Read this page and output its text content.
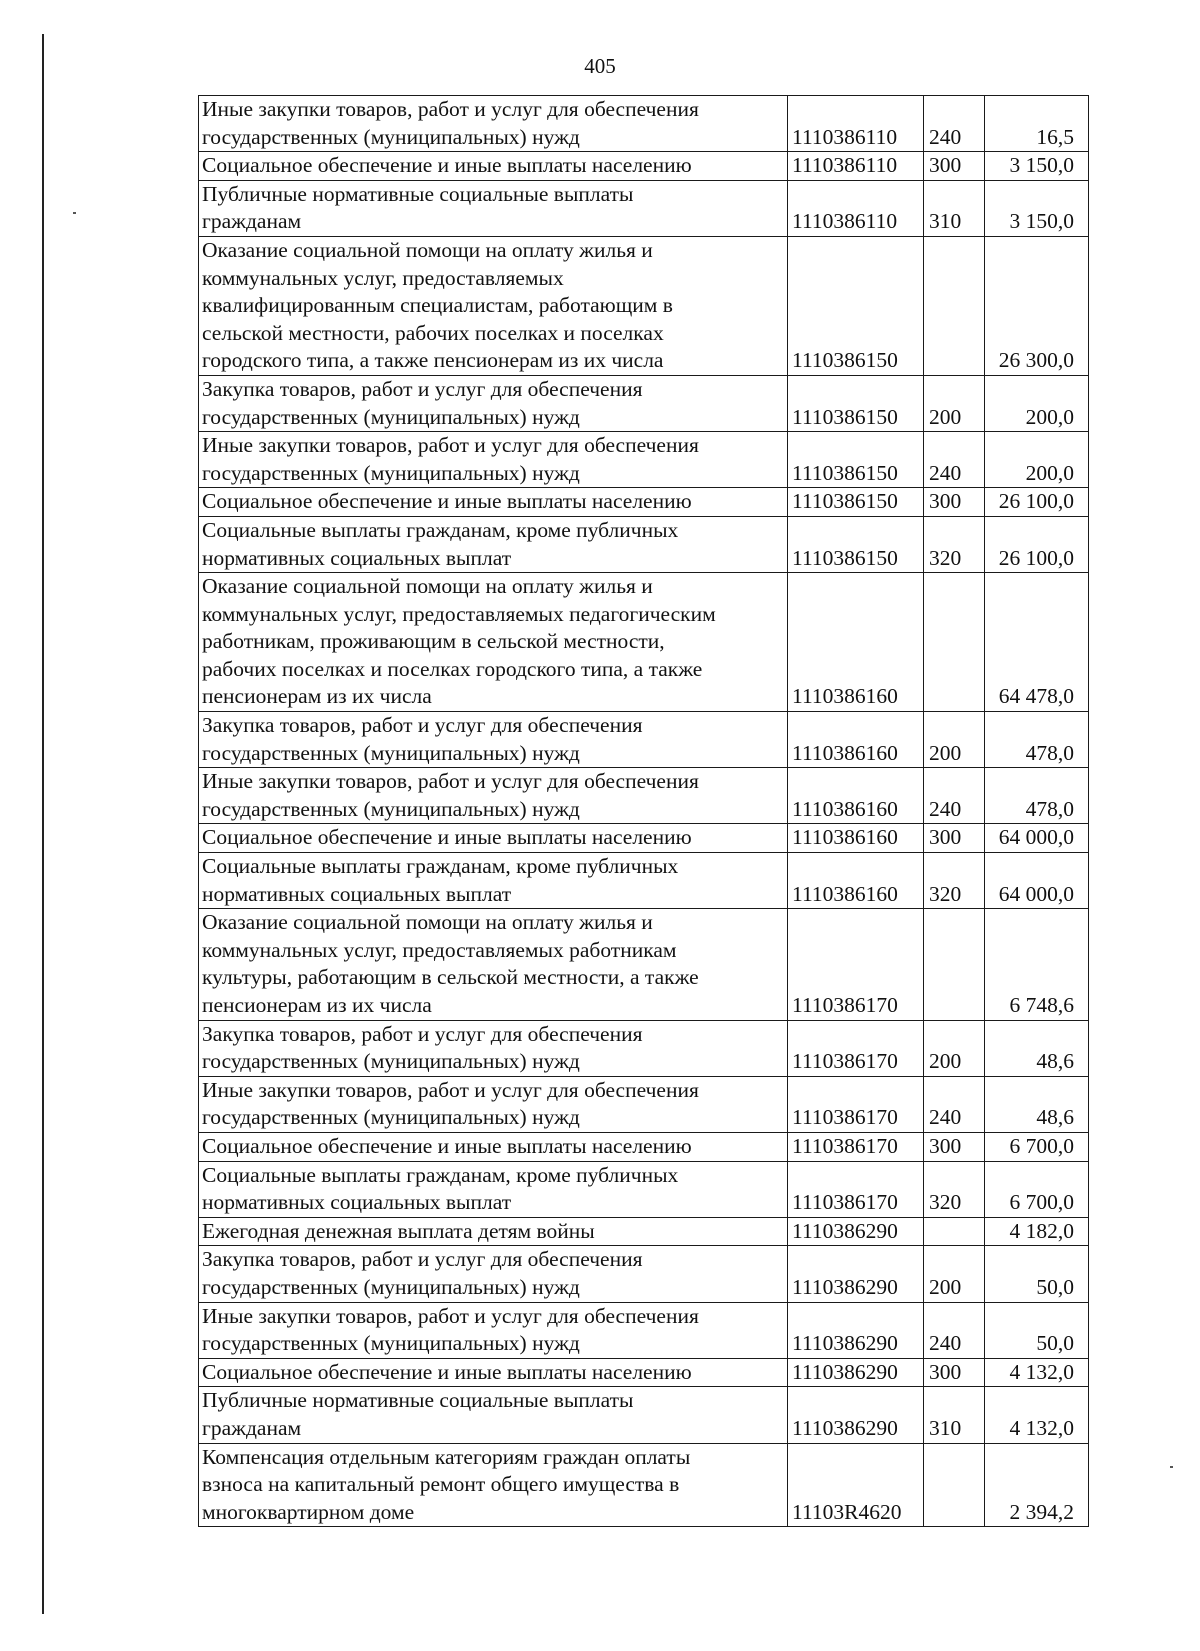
405
Иные закупки товаров, работ и услуг для обеспечения
государственных (муниципальных) нужд	1110386110	240	16,5
Социальное обеспечение и иные выплаты населению	1110386110	300	3 150,0
Публичные нормативные социальные выплаты
гражданам	1110386110	310	3 150,0
Оказание социальной помощи на оплату жилья и
коммунальных услуг, предоставляемых
квалифицированным специалистам, работающим в
сельской местности, рабочих поселках и поселках
городского типа, а также пенсионерам из их числа	1110386150		26 300,0
Закупка товаров, работ и услуг для обеспечения
государственных (муниципальных) нужд	1110386150	200	200,0
Иные закупки товаров, работ и услуг для обеспечения
государственных (муниципальных) нужд	1110386150	240	200,0
Социальное обеспечение и иные выплаты населению	1110386150	300	26 100,0
Социальные выплаты гражданам, кроме публичных
нормативных социальных выплат	1110386150	320	26 100,0
Оказание социальной помощи на оплату жилья и
коммунальных услуг, предоставляемых педагогическим
работникам, проживающим в сельской местности,
рабочих поселках и поселках городского типа, а также
пенсионерам из их числа	1110386160		64 478,0
Закупка товаров, работ и услуг для обеспечения
государственных (муниципальных) нужд	1110386160	200	478,0
Иные закупки товаров, работ и услуг для обеспечения
государственных (муниципальных) нужд	1110386160	240	478,0
Социальное обеспечение и иные выплаты населению	1110386160	300	64 000,0
Социальные выплаты гражданам, кроме публичных
нормативных социальных выплат	1110386160	320	64 000,0
Оказание социальной помощи на оплату жилья и
коммунальных услуг, предоставляемых работникам
культуры, работающим в сельской местности, а также
пенсионерам из их числа	1110386170		6 748,6
Закупка товаров, работ и услуг для обеспечения
государственных (муниципальных) нужд	1110386170	200	48,6
Иные закупки товаров, работ и услуг для обеспечения
государственных (муниципальных) нужд	1110386170	240	48,6
Социальное обеспечение и иные выплаты населению	1110386170	300	6 700,0
Социальные выплаты гражданам, кроме публичных
нормативных социальных выплат	1110386170	320	6 700,0
Ежегодная денежная выплата детям войны	1110386290		4 182,0
Закупка товаров, работ и услуг для обеспечения
государственных (муниципальных) нужд	1110386290	200	50,0
Иные закупки товаров, работ и услуг для обеспечения
государственных (муниципальных) нужд	1110386290	240	50,0
Социальное обеспечение и иные выплаты населению	1110386290	300	4 132,0
Публичные нормативные социальные выплаты
гражданам	1110386290	310	4 132,0
Компенсация отдельным категориям граждан оплаты
взноса на капитальный ремонт общего имущества в
многоквартирном доме	11103R4620		2 394,2
